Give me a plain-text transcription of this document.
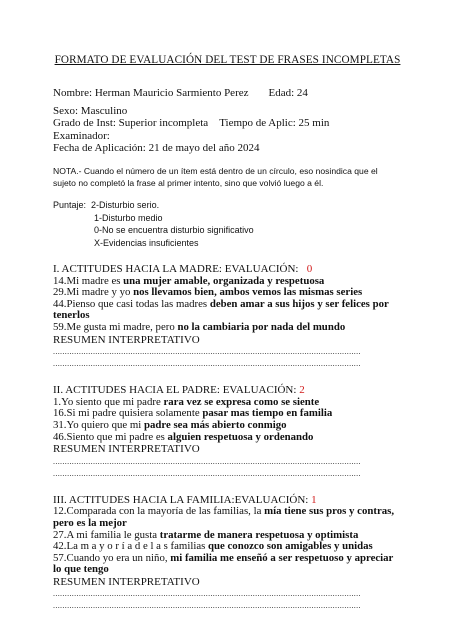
FORMATO DE EVALUACIÓN DEL TEST DE FRASES INCOMPLETAS
Nombre: Herman Mauricio Sarmiento Perez Edad: 24
Sexo: Masculino
Grado de Inst: Superior incompleta Tiempo de Aplic: 25 min
Examinador:
Fecha de Aplicación: 21 de mayo del año 2024
NOTA.- Cuando el número de un ítem está dentro de un círculo, eso nosindica que el sujeto no completó la frase al primer intento, sino que volvió luego a él.
Puntaje: 2-Disturbio serio.
1-Disturbo medio
0-No se encuentra disturbio significativo
X-Evidencias insuficientes
I. ACTITUDES HACIA LA MADRE: EVALUACIÓN: 0
14.Mi madre es una mujer amable, organizada y respetuosa
29.Mi madre y yo nos llevamos bien, ambos vemos las mismas series
44.Pienso que casi todas las madres deben amar a sus hijos y ser felices por tenerlos
59.Me gusta mi madre, pero no la cambiaria por nada del mundo
RESUMEN INTERPRETATIVO
...................................................................................................................................
...................................................................................................................................
II. ACTITUDES HACIA EL PADRE: EVALUACIÓN: 2
1.Yo siento que mi padre rara vez se expresa como se siente
16.Si mi padre quisiera solamente pasar mas tiempo en familia
31.Yo quiero que mi padre sea más abierto conmigo
46.Siento que mi padre es alguien respetuosa y ordenando
RESUMEN INTERPRETATIVO
...................................................................................................................................
...................................................................................................................................
III. ACTITUDES HACIA LA FAMILIA:EVALUACIÓN: 1
12.Comparada con la mayoría de las familias, la mía tiene sus pros y contras, pero es la mejor
27.A mi familia le gusta tratarme de manera respetuosa y optimista
42.La m a y o r í a d e l a s familias que conozco son amigables y unidas
57.Cuando yo era un niño, mi familia me enseñó a ser respetuoso y apreciar lo que tengo
RESUMEN INTERPRETATIVO
...................................................................................................................................
...................................................................................................................................
